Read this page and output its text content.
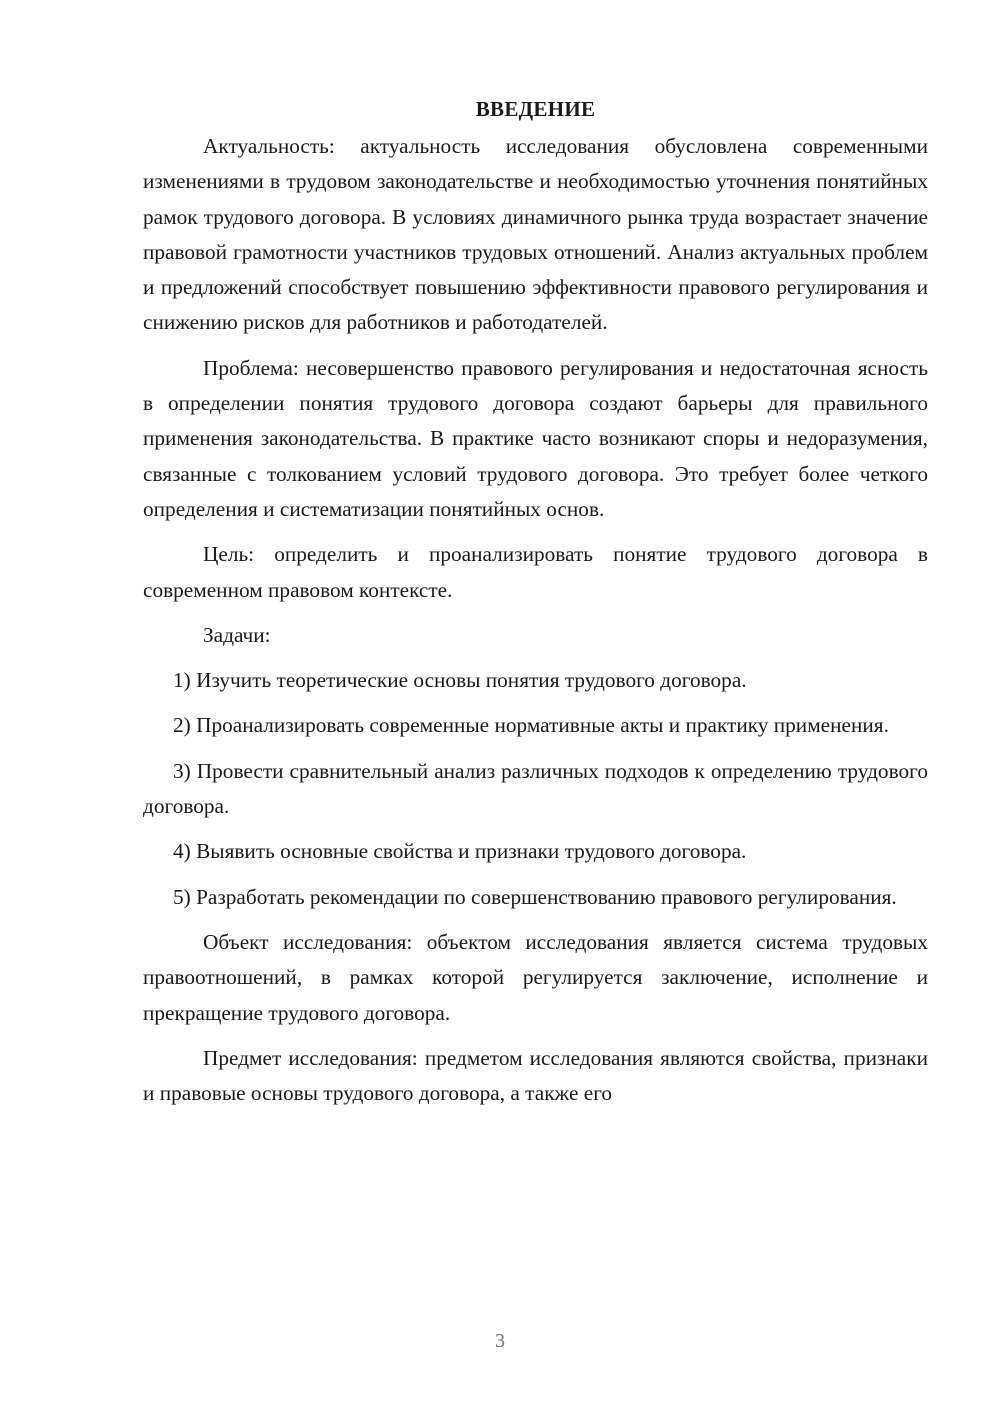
ВВЕДЕНИЕ

Актуальность: актуальность исследования обусловлена современными изменениями в трудовом законодательстве и необходимостью уточнения понятийных рамок трудового договора. В условиях динамичного рынка труда возрастает значение правовой грамотности участников трудовых отношений. Анализ актуальных проблем и предложений способствует повышению эффективности правового регулирования и снижению рисков для работников и работодателей.

Проблема: несовершенство правового регулирования и недостаточная ясность в определении понятия трудового договора создают барьеры для правильного применения законодательства. В практике часто возникают споры и недоразумения, связанные с толкованием условий трудового договора. Это требует более четкого определения и систематизации понятийных основ.

Цель: определить и проанализировать понятие трудового договора в современном правовом контексте.

Задачи:

1) Изучить теоретические основы понятия трудового договора.

2) Проанализировать современные нормативные акты и практику применения.

3) Провести сравнительный анализ различных подходов к определению трудового договора.

4) Выявить основные свойства и признаки трудового договора.

5) Разработать рекомендации по совершенствованию правового регулирования.

Объект исследования: объектом исследования является система трудовых правоотношений, в рамках которой регулируется заключение, исполнение и прекращение трудового договора.

Предмет исследования: предметом исследования являются свойства, признаки и правовые основы трудового договора, а также его

3
